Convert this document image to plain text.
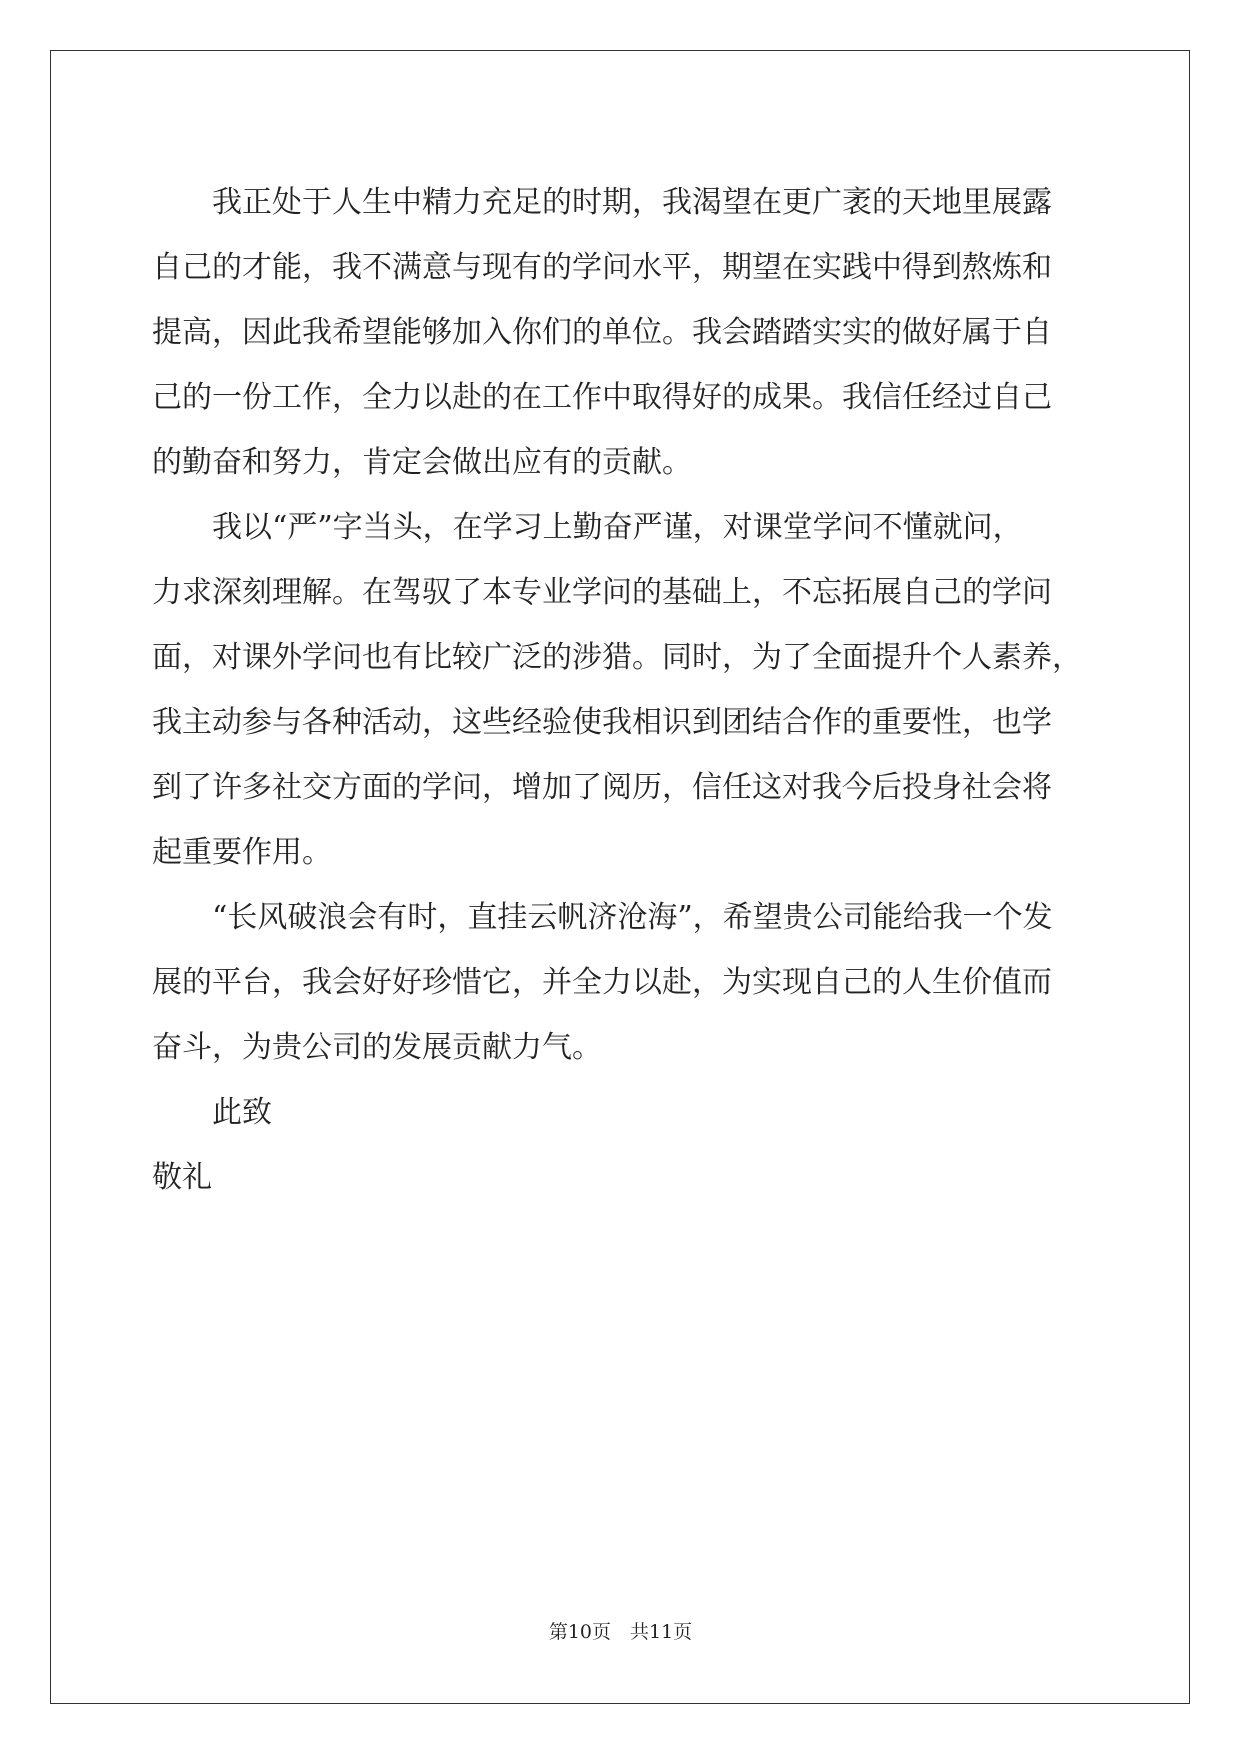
我正处于人生中精力充足的时期，我渴望在更广袤的天地里展露
自己的才能，我不满意与现有的学问水平，期望在实践中得到熬炼和
提高，因此我希望能够加入你们的单位。我会踏踏实实的做好属于自
己的一份工作，全力以赴的在工作中取得好的成果。我信任经过自己
的勤奋和努力，肯定会做出应有的贡献。

我以“严”字当头，在学习上勤奋严谨，对课堂学问不懂就问，
力求深刻理解。在驾驭了本专业学问的基础上，不忘拓展自己的学问
面，对课外学问也有比较广泛的涉猎。同时，为了全面提升个人素养，
我主动参与各种活动，这些经验使我相识到团结合作的重要性，也学
到了许多社交方面的学问，增加了阅历，信任这对我今后投身社会将
起重要作用。

“长风破浪会有时，直挂云帆济沧海”，希望贵公司能给我一个发
展的平台，我会好好珍惜它，并全力以赴，为实现自己的人生价值而
奋斗，为贵公司的发展贡献力气。

此致

敬礼

第10页　共11页
